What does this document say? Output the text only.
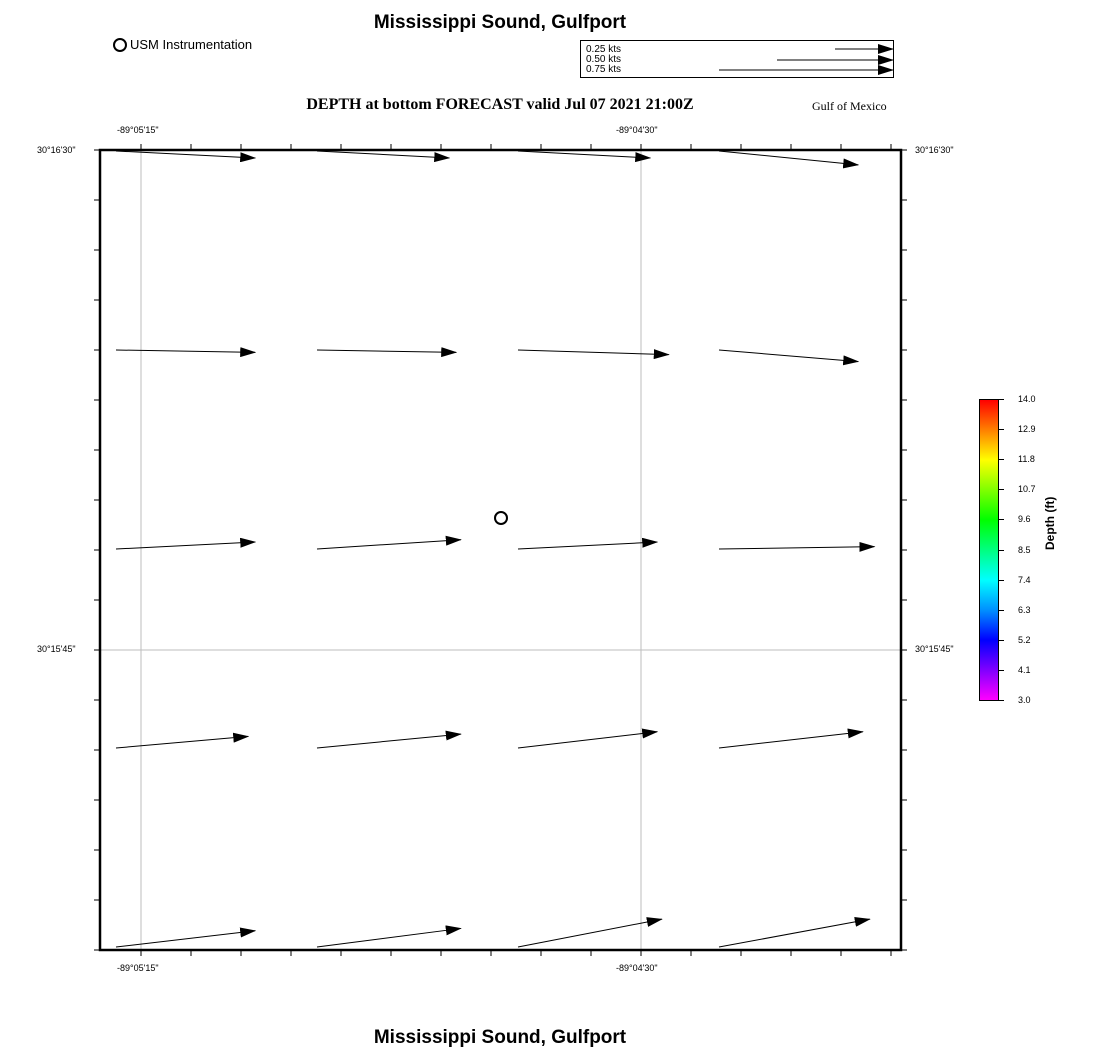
Mississippi Sound, Gulfport
USM Instrumentation	0.25 kts
0.50 kts
0.75 kts
DEPTH at bottom FORECAST valid Jul 07 2021 21:00Z	Gulf of Mexico
-89°05'15"	-89°04'30"
-89°05'15"	-89°04'30"
30°16'30"
30°15'45"
30°16'30"
30°15'45"
14.0
12.9
11.8
10.7
9.6
8.5
7.4
6.3
5.2
4.1
3.0
Depth (ft)
Mississippi Sound, Gulfport
